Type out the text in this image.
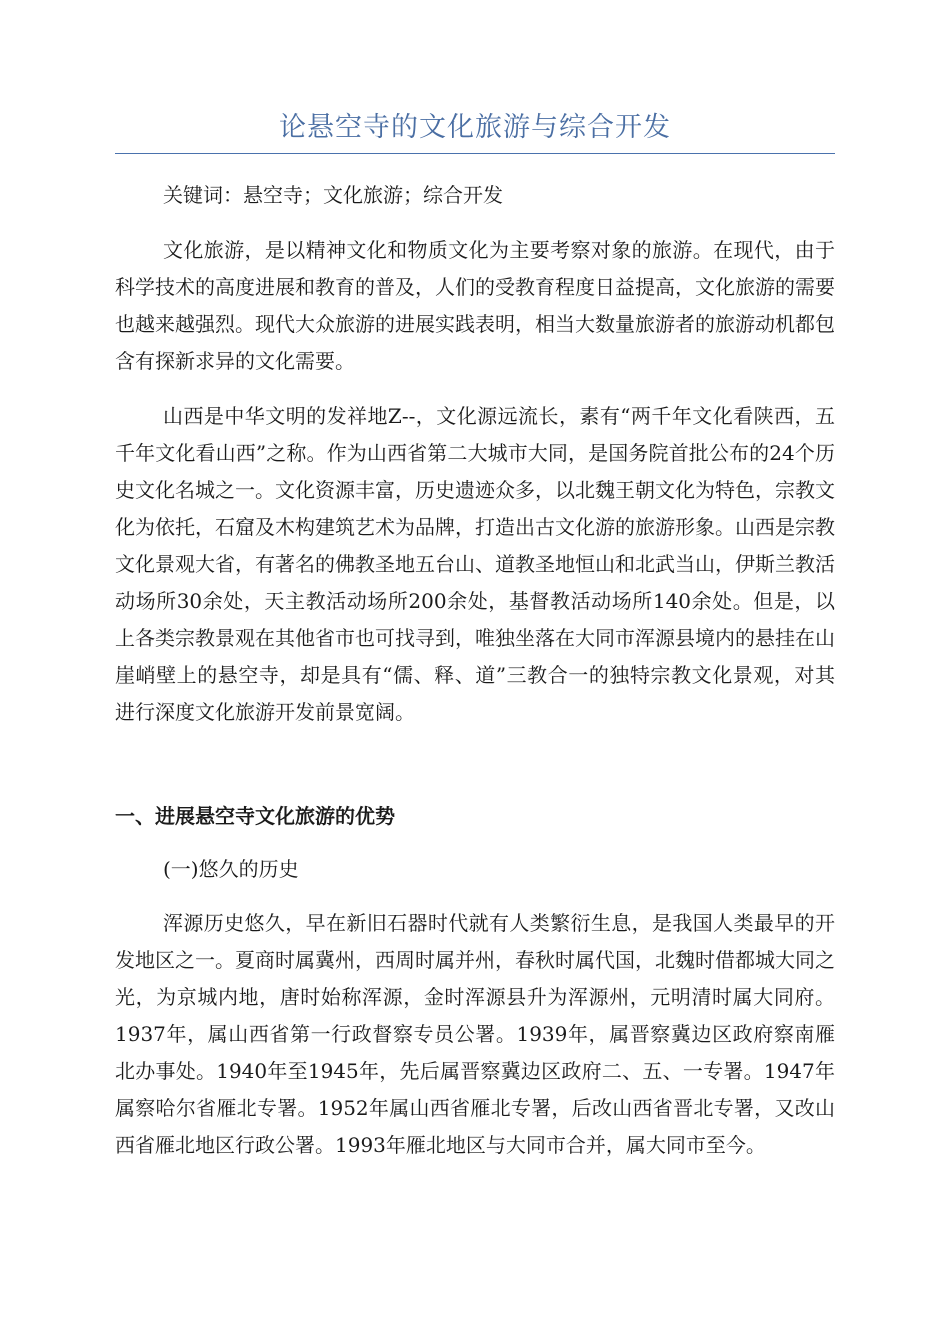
论悬空寺的文化旅游与综合开发
关键词：悬空寺；文化旅游；综合开发

文化旅游，是以精神文化和物质文化为主要考察对象的旅游。在现代，由于科学技术的高度进展和教育的普及，人们的受教育程度日益提高，文化旅游的需要也越来越强烈。现代大众旅游的进展实践表明，相当大数量旅游者的旅游动机都包含有探新求异的文化需要。

山西是中华文明的发祥地Z--，文化源远流长，素有“两千年文化看陕西，五千年文化看山西”之称。作为山西省第二大城市大同，是国务院首批公布的24个历史文化名城之一。文化资源丰富，历史遗迹众多，以北魏王朝文化为特色，宗教文化为依托，石窟及木构建筑艺术为品牌，打造出古文化游的旅游形象。山西是宗教文化景观大省，有著名的佛教圣地五台山、道教圣地恒山和北武当山，伊斯兰教活动场所30余处，天主教活动场所200余处，基督教活动场所140余处。但是，以上各类宗教景观在其他省市也可找寻到，唯独坐落在大同市浑源县境内的悬挂在山崖峭壁上的悬空寺，却是具有“儒、释、道”三教合一的独特宗教文化景观，对其进行深度文化旅游开发前景宽阔。

一、进展悬空寺文化旅游的优势
(一)悠久的历史

浑源历史悠久，早在新旧石器时代就有人类繁衍生息，是我国人类最早的开发地区之一。夏商时属冀州，西周时属并州，春秋时属代国，北魏时借都城大同之光，为京城内地，唐时始称浑源，金时浑源县升为浑源州，元明清时属大同府。1937年，属山西省第一行政督察专员公署。1939年，属晋察冀边区政府察南雁北办事处。1940年至1945年，先后属晋察冀边区政府二、五、一专署。1947年属察哈尔省雁北专署。1952年属山西省雁北专署，后改山西省晋北专署，又改山西省雁北地区行政公署。1993年雁北地区与大同市合并，属大同市至今。
